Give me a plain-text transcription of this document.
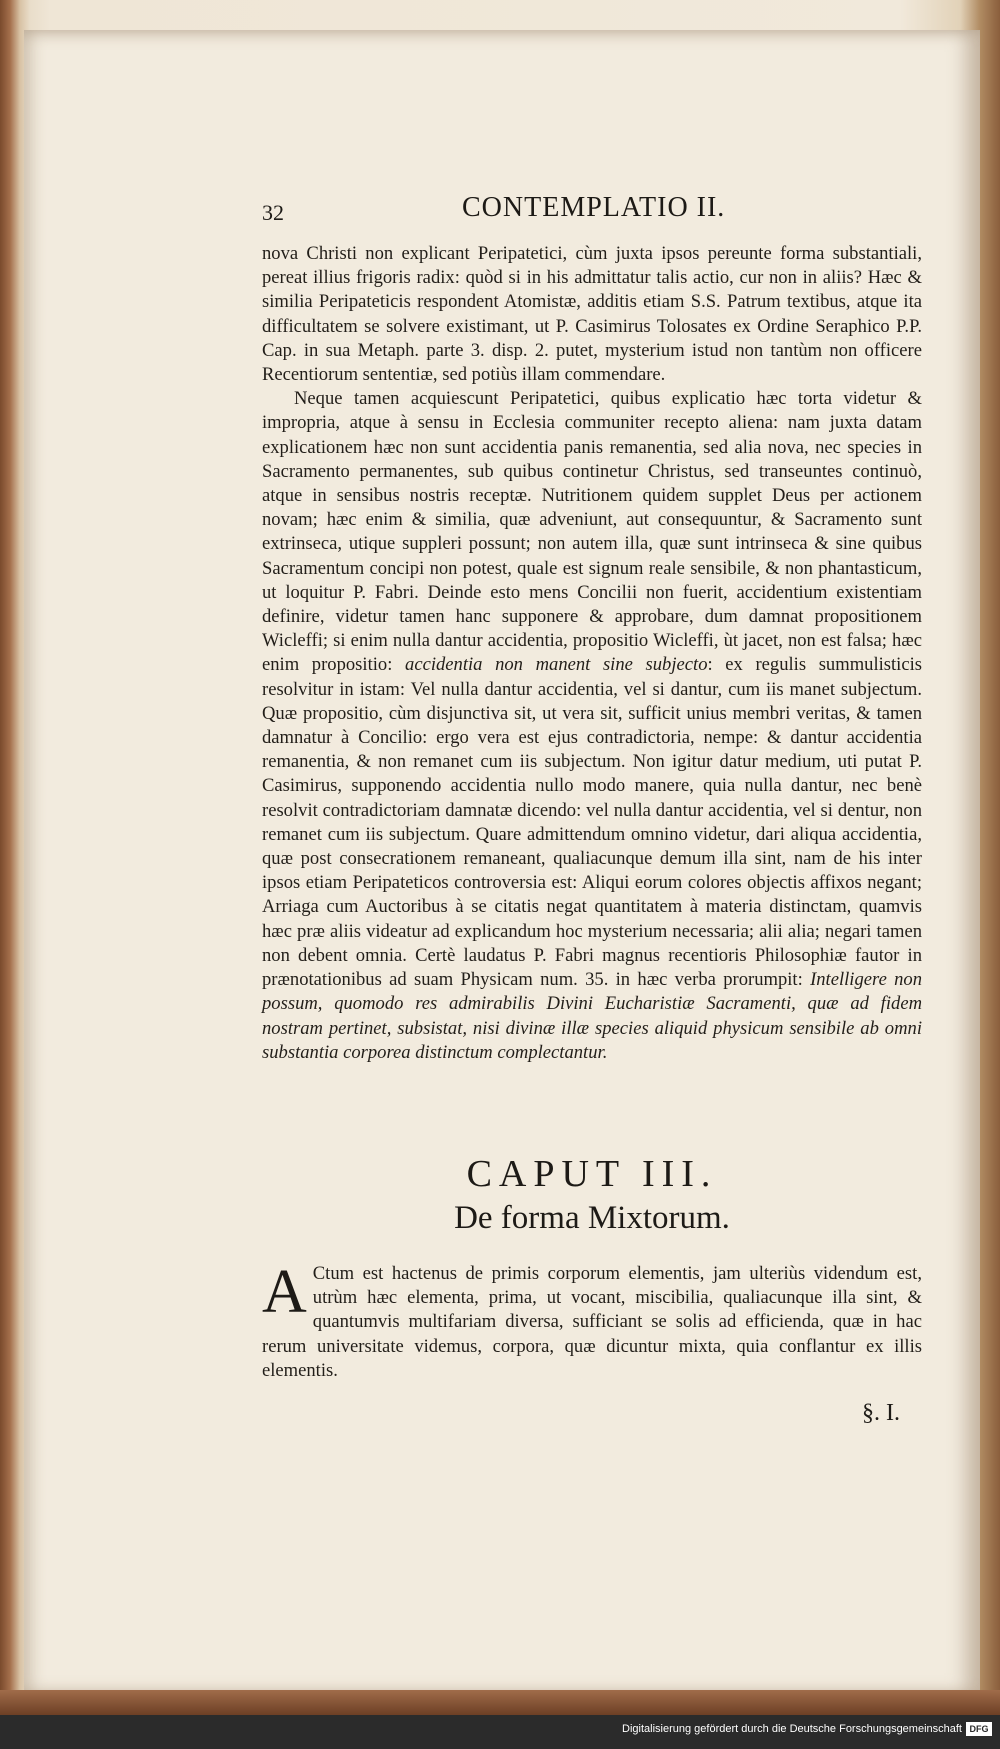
32	CONTEMPLATIO II.

nova Christi non explicant Peripatetici, cùm juxta ipsos pereunte forma substantiali, pereat illius frigoris radix: quòd si in his admittatur talis actio, cur non in aliis? Hæc & similia Peripateticis respondent Atomistæ, additis etiam S.S. Patrum textibus, atque ita difficultatem se solvere existimant, ut P. Casimirus Tolosates ex Ordine Seraphico P.P. Cap. in sua Metaph. parte 3. disp. 2. putet, mysterium istud non tantùm non officere Recentiorum sententiæ, sed potiùs illam commendare.

Neque tamen acquiescunt Peripatetici, quibus explicatio hæc torta videtur & impropria, atque à sensu in Ecclesia communiter recepto aliena: nam juxta datam explicationem hæc non sunt accidentia panis remanentia, sed alia nova, nec species in Sacramento permanentes, sub quibus continetur Christus, sed transeuntes continuò, atque in sensibus nostris receptæ. Nutritionem quidem supplet Deus per actionem novam; hæc enim & similia, quæ adveniunt, aut consequuntur, & Sacramento sunt extrinseca, utique suppleri possunt; non autem illa, quæ sunt intrinseca & sine quibus Sacramentum concipi non potest, quale est signum reale sensibile, & non phantasticum, ut loquitur P. Fabri. Deinde esto mens Concilii non fuerit, accidentium existentiam definire, videtur tamen hanc supponere & approbare, dum damnat propositionem Wicleffi; si enim nulla dantur accidentia, propositio Wicleffi, ùt jacet, non est falsa; hæc enim propositio: accidentia non manent sine subjecto: ex regulis summulisticis resolvitur in istam: Vel nulla dantur accidentia, vel si dantur, cum iis manet subjectum. Quæ propositio, cùm disjunctiva sit, ut vera sit, sufficit unius membri veritas, & tamen damnatur à Concilio: ergo vera est ejus contradictoria, nempe: & dantur accidentia remanentia, & non remanet cum iis subjectum. Non igitur datur medium, uti putat P. Casimirus, supponendo accidentia nullo modo manere, quia nulla dantur, nec benè resolvit contradictoriam damnatæ dicendo: vel nulla dantur accidentia, vel si dentur, non remanet cum iis subjectum. Quare admittendum omnino videtur, dari aliqua accidentia, quæ post consecrationem remaneant, qualiacunque demum illa sint, nam de his inter ipsos etiam Peripateticos controversia est: Aliqui eorum colores objectis affixos negant; Arriaga cum Auctoribus à se citatis negat quantitatem à materia distinctam, quamvis hæc præ aliis videatur ad explicandum hoc mysterium necessaria; alii alia; negari tamen non debent omnia. Certè laudatus P. Fabri magnus recentioris Philosophiæ fautor in prænotationibus ad suam Physicam num. 35. in hæc verba prorumpit: Intelligere non possum, quomodo res admirabilis Divini Eucharistiæ Sacramenti, quæ ad fidem nostram pertinet, subsistat, nisi divinæ illæ species aliquid physicum sensibile ab omni substantia corporea distinctum complectantur.

CAPUT III.
De forma Mixtorum.
A Ctum est hactenus de primis corporum elementis, jam ulteriùs videndum est, utrùm hæc elementa, prima, ut vocant, miscibilia, qualiacunque illa sint, & quantumvis multifariam diversa, sufficiant se solis ad efficienda, quæ in hac rerum universitate videmus, corpora, quæ dicuntur mixta, quia conflantur ex illis elementis.
§. I.
Digitalisierung gefördert durch die Deutsche Forschungsgemeinschaft DFG
